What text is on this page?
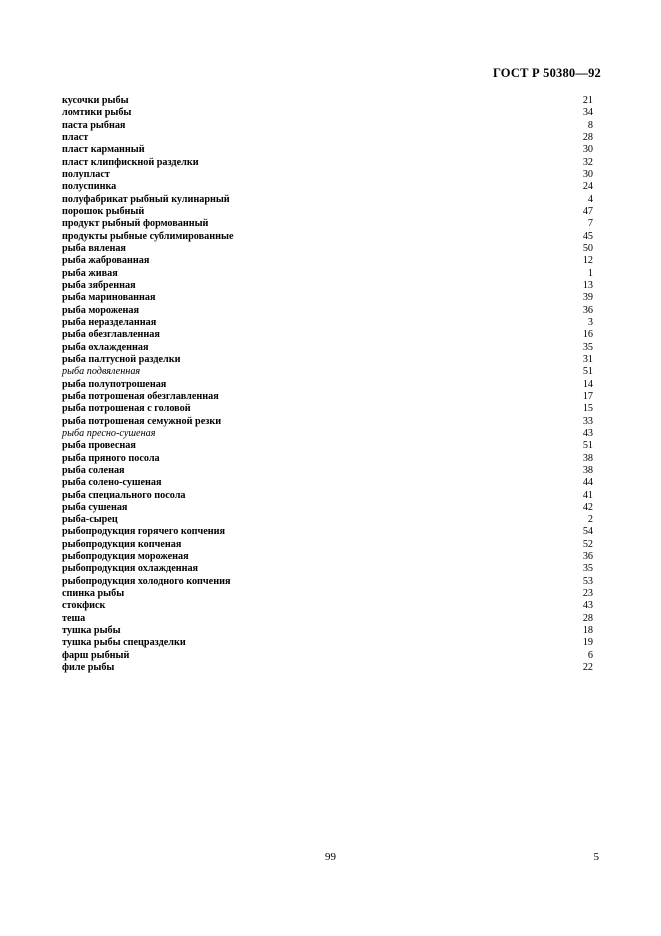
ГОСТ Р 50380—92
кусочки рыбы	21
ломтики рыбы	34
паста рыбная	8
пласт	28
пласт карманный	30
пласт клипфискной разделки	32
полупласт	30
полуспинка	24
полуфабрикат рыбный кулинарный	4
порошок рыбный	47
продукт рыбный формованный	7
продукты рыбные сублимированные	45
рыба вяленая	50
рыба жаброванная	12
рыба живая	1
рыба зябренная	13
рыба маринованная	39
рыба мороженая	36
рыба неразделанная	3
рыба обезглавленная	16
рыба охлажденная	35
рыба палтусной разделки	31
рыба подвяленная	51
рыба полупотрошеная	14
рыба потрошеная обезглавленная	17
рыба потрошеная с головой	15
рыба потрошеная семужной резки	33
рыба пресно-сушеная	43
рыба провесная	51
рыба пряного посола	38
рыба соленая	38
рыба солено-сушеная	44
рыба специального посола	41
рыба сушеная	42
рыба-сырец	2
рыбопродукция горячего копчения	54
рыбопродукция копченая	52
рыбопродукция мороженая	36
рыбопродукция охлажденная	35
рыбопродукция холодного копчения	53
спинка рыбы	23
стокфиск	43
теша	28
тушка рыбы	18
тушка рыбы спецразделки	19
фарш рыбный	6
филе рыбы	22
99	5
